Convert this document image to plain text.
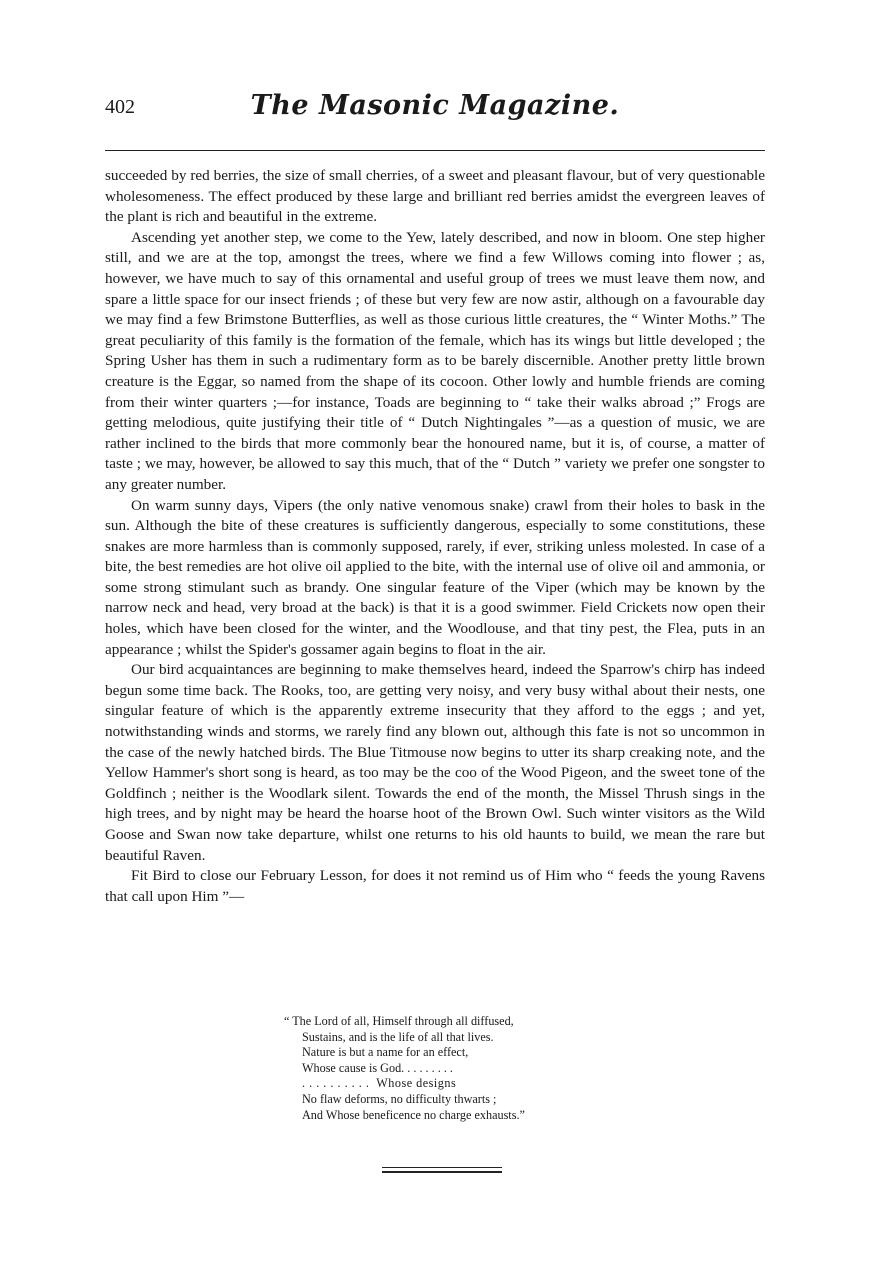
402	The Masonic Magazine.

succeeded by red berries, the size of small cherries, of a sweet and pleasant flavour, but of very questionable wholesomeness. The effect produced by these large and brilliant red berries amidst the evergreen leaves of the plant is rich and beautiful in the extreme.

Ascending yet another step, we come to the Yew, lately described, and now in bloom. One step higher still, and we are at the top, amongst the trees, where we find a few Willows coming into flower ; as, however, we have much to say of this ornamental and useful group of trees we must leave them now, and spare a little space for our insect friends ; of these but very few are now astir, although on a favourable day we may find a few Brimstone Butterflies, as well as those curious little creatures, the “ Winter Moths.” The great peculiarity of this family is the formation of the female, which has its wings but little developed ; the Spring Usher has them in such a rudimentary form as to be barely discernible. Another pretty little brown creature is the Eggar, so named from the shape of its cocoon. Other lowly and humble friends are coming from their winter quarters ;—for instance, Toads are beginning to “ take their walks abroad ;” Frogs are getting melodious, quite justifying their title of “ Dutch Nightingales ”—as a question of music, we are rather inclined to the birds that more commonly bear the honoured name, but it is, of course, a matter of taste ; we may, however, be allowed to say this much, that of the “ Dutch ” variety we prefer one songster to any greater number.

On warm sunny days, Vipers (the only native venomous snake) crawl from their holes to bask in the sun. Although the bite of these creatures is sufficiently dangerous, especially to some constitutions, these snakes are more harmless than is commonly supposed, rarely, if ever, striking unless molested. In case of a bite, the best remedies are hot olive oil applied to the bite, with the internal use of olive oil and ammonia, or some strong stimulant such as brandy. One singular feature of the Viper (which may be known by the narrow neck and head, very broad at the back) is that it is a good swimmer. Field Crickets now open their holes, which have been closed for the winter, and the Woodlouse, and that tiny pest, the Flea, puts in an appearance ; whilst the Spider's gossamer again begins to float in the air.

Our bird acquaintances are beginning to make themselves heard, indeed the Sparrow's chirp has indeed begun some time back. The Rooks, too, are getting very noisy, and very busy withal about their nests, one singular feature of which is the apparently extreme insecurity that they afford to the eggs ; and yet, notwithstanding winds and storms, we rarely find any blown out, although this fate is not so uncommon in the case of the newly hatched birds. The Blue Titmouse now begins to utter its sharp creaking note, and the Yellow Hammer's short song is heard, as too may be the coo of the Wood Pigeon, and the sweet tone of the Goldfinch ; neither is the Woodlark silent. Towards the end of the month, the Missel Thrush sings in the high trees, and by night may be heard the hoarse hoot of the Brown Owl. Such winter visitors as the Wild Goose and Swan now take departure, whilst one returns to his old haunts to build, we mean the rare but beautiful Raven.

Fit Bird to close our February Lesson, for does it not remind us of Him who “ feeds the young Ravens that call upon Him ”—

“ The Lord of all, Himself through all diffused,
Sustains, and is the life of all that lives.
Nature is but a name for an effect,
Whose cause is God. . . . . . . . .
. . . . . . . . . .  Whose designs
No flaw deforms, no difficulty thwarts ;
And Whose beneficence no charge exhausts.”
